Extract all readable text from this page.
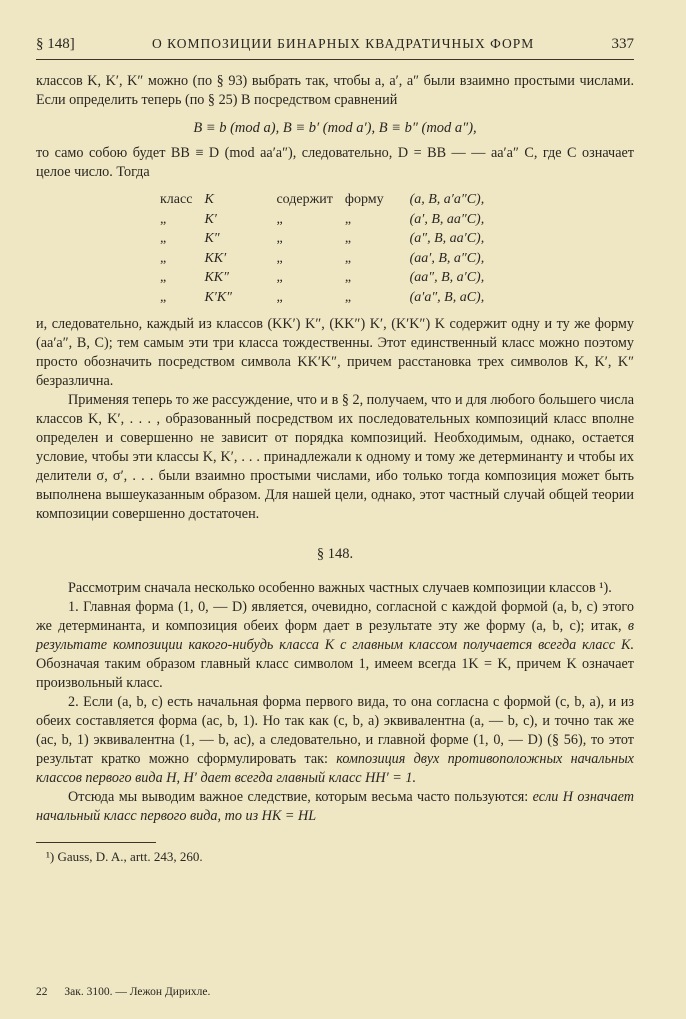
§ 148]	О КОМПОЗИЦИИ БИНАРНЫХ КВАДРАТИЧНЫХ ФОРМ	337

классов K, K′, K″ можно (по § 93) выбрать так, чтобы a, a′, a″ были взаимно простыми числами. Если определить теперь (по § 25) B посредством сравнений

B ≡ b (mod a), B ≡ b′ (mod a′), B ≡ b″ (mod a″),

то само собою будет BB ≡ D (mod aa′a″), следовательно, D = BB — — aa′a″ C, где C означает целое число. Тогда

класс	K	содержит	форму	(a, B, a′a″C),
„	K′	„	„	(a′, B, aa″C),
„	K″	„	„	(a″, B, aa′C),
„	KK′	„	„	(aa′, B, a″C),
„	KK″	„	„	(aa″, B, a′C),
„	K′K″	„	„	(a′a″, B, aC),

и, следовательно, каждый из классов (KK′) K″, (KK″) K′, (K′K″) K содержит одну и ту же форму (aa′a″, B, C); тем самым эти три класса тождественны. Этот единственный класс можно поэтому просто обозначить посредством символа KK′K″, причем расстановка трех символов K, K′, K″ безразлична.

Применяя теперь то же рассуждение, что и в § 2, получаем, что и для любого большего числа классов K, K′, . . . , образованный посредством их последовательных композиций класс вполне определен и совершенно не зависит от порядка композиций. Необходимым, однако, остается условие, чтобы эти классы K, K′, . . . принадлежали к одному и тому же детерминанту и чтобы их делители σ, σ′, . . . были взаимно простыми числами, ибо только тогда композиция может быть выполнена вышеуказанным образом. Для нашей цели, однако, этот частный случай общей теории композиции совершенно достаточен.

§ 148.

Рассмотрим сначала несколько особенно важных частных случаев композиции классов ¹).

1. Главная форма (1, 0, — D) является, очевидно, согласной с каждой формой (a, b, c) этого же детерминанта, и композиция обеих форм дает в результате эту же форму (a, b, c); итак, в результате композиции какого-нибудь класса K с главным классом получается всегда класс K. Обозначая таким образом главный класс символом 1, имеем всегда 1K = K, причем K означает произвольный класс.

2. Если (a, b, c) есть начальная форма первого вида, то она согласна с формой (c, b, a), и из обеих составляется форма (ac, b, 1). Но так как (c, b, a) эквивалентна (a, — b, c), и точно так же (ac, b, 1) эквивалентна (1, — b, ac), а следовательно, и главной форме (1, 0, — D) (§ 56), то этот результат кратко можно сформулировать так: композиция двух противоположных начальных классов первого вида H, H′ дает всегда главный класс HH′ = 1.

Отсюда мы выводим важное следствие, которым весьма часто пользуются: если H означает начальный класс первого вида, то из HK = HL

¹) Gauss, D. A., artt. 243, 260.
22 Зак. 3100. — Лежон Дирихле.
